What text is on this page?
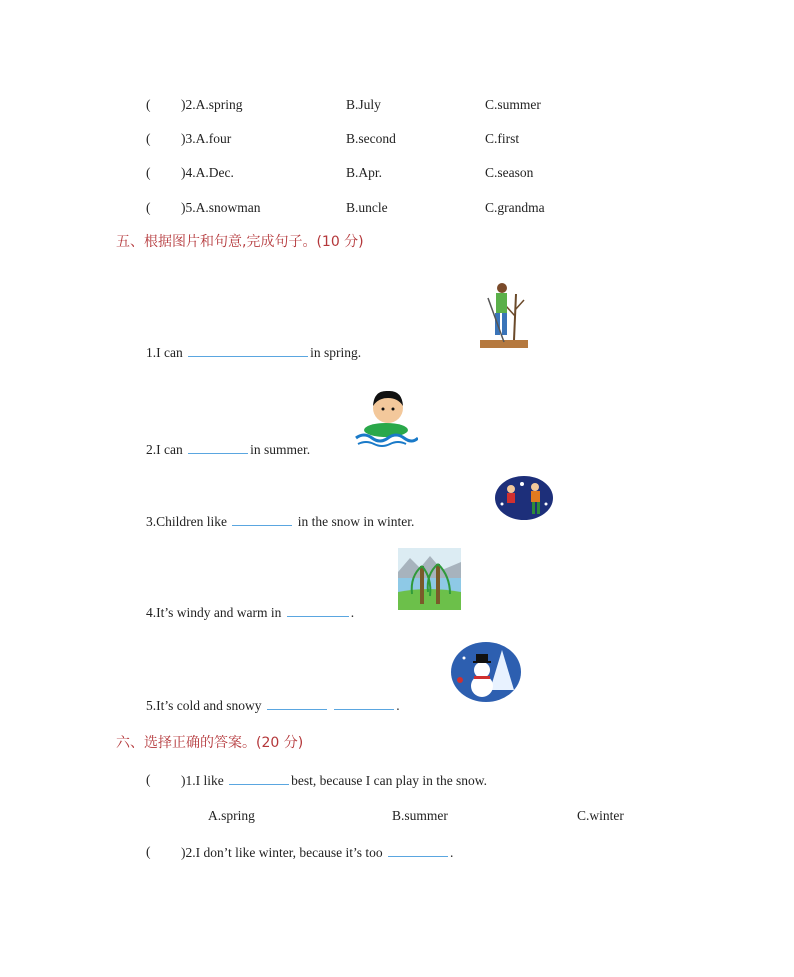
( )2.A.spring	B.July	C.summer
( )3.A.four	B.second	C.first
( )4.A.Dec.	B.Apr.	C.season
( )5.A.snowman	B.uncle	C.grandma
五、根据图片和句意,完成句子。(10 分)
1.I can	in spring.
2.I can	in summer.
3.Children like	in the snow in winter.
4.It’s windy and warm in	.
5.It’s cold and snowy	.
六、选择正确的答案。(20 分)
( )1.I like	best, because I can play in the snow.
A.spring	B.summer	C.winter
( )2.I don’t like winter, because it’s too	.
